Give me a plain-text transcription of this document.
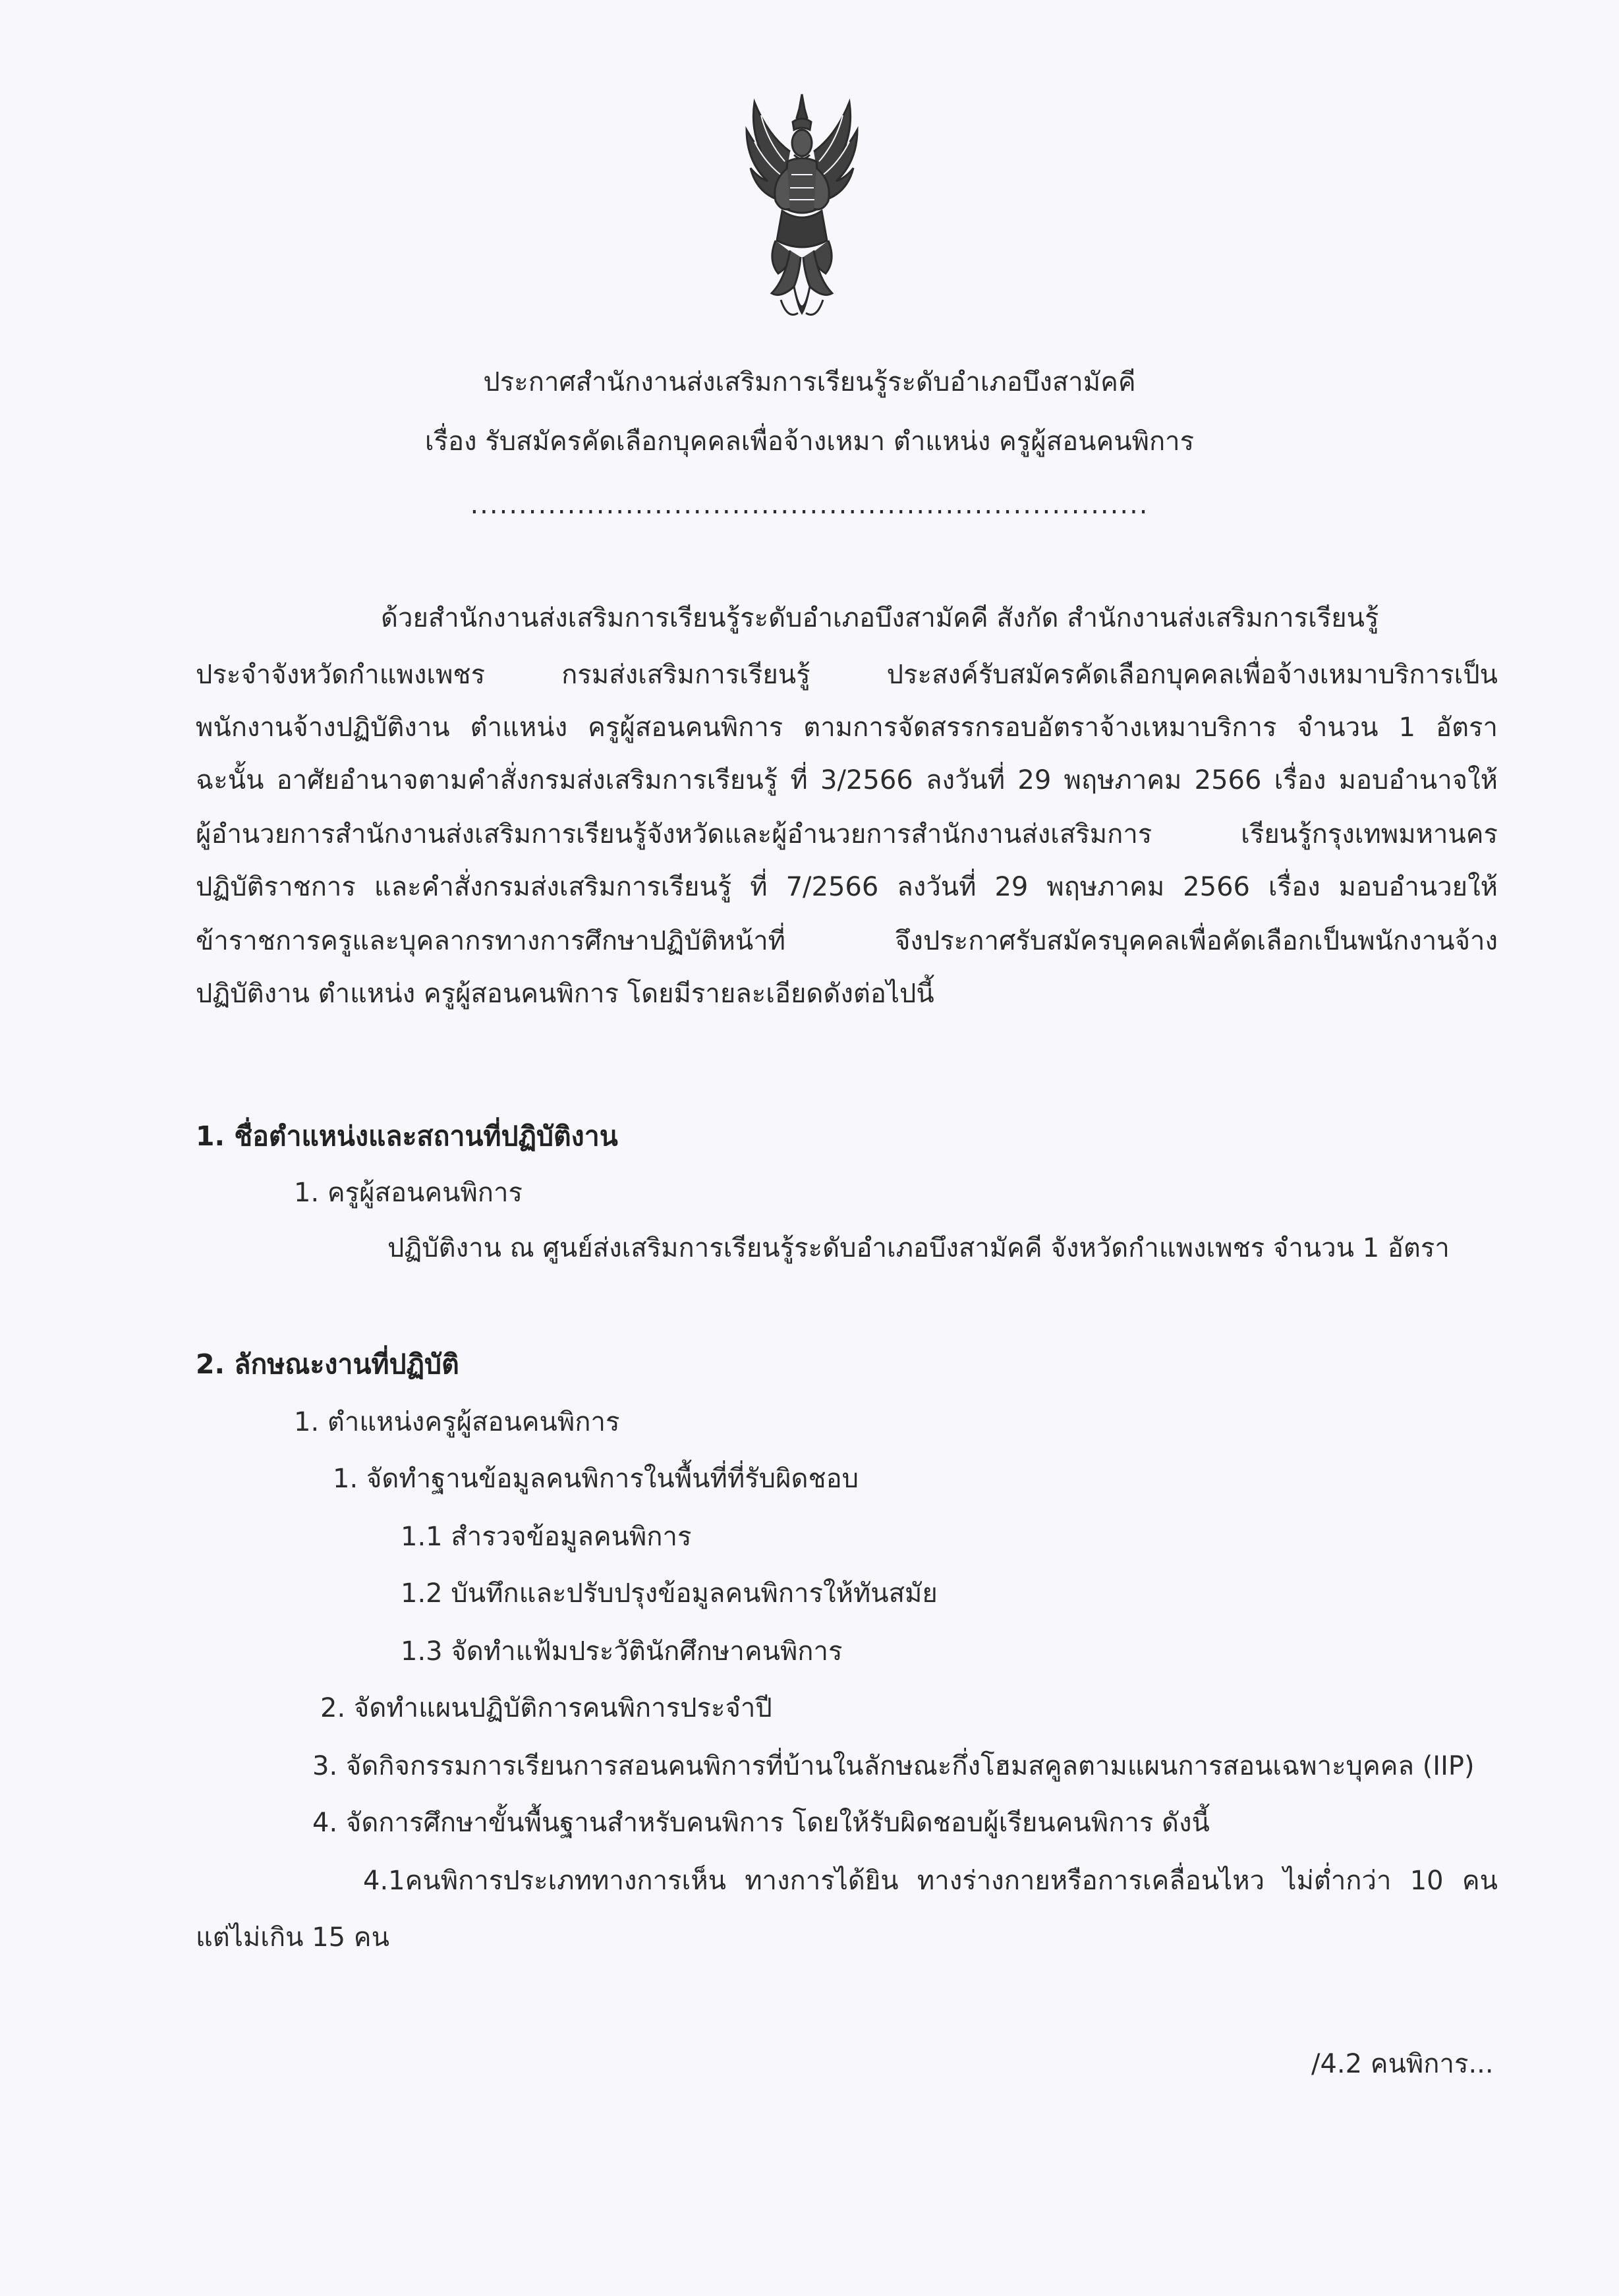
ประกาศสำนักงานส่งเสริมการเรียนรู้ระดับอำเภอบึงสามัคคี
เรื่อง รับสมัครคัดเลือกบุคคลเพื่อจ้างเหมา ตำแหน่ง ครูผู้สอนคนพิการ
......................................................................
ด้วยสำนักงานส่งเสริมการเรียนรู้ระดับอำเภอบึงสามัคคี สังกัด สำนักงานส่งเสริมการเรียนรู้
ประจำจังหวัดกำแพงเพชร กรมส่งเสริมการเรียนรู้ ประสงค์รับสมัครคัดเลือกบุคคลเพื่อจ้างเหมาบริการเป็น
พนักงานจ้างปฏิบัติงาน ตำแหน่ง ครูผู้สอนคนพิการ ตามการจัดสรรกรอบอัตราจ้างเหมาบริการ จำนวน 1 อัตรา
ฉะนั้น อาศัยอำนาจตามคำสั่งกรมส่งเสริมการเรียนรู้ ที่ 3/2566 ลงวันที่ 29 พฤษภาคม 2566 เรื่อง มอบอำนาจให้
ผู้อำนวยการสำนักงานส่งเสริมการเรียนรู้จังหวัดและผู้อำนวยการสำนักงานส่งเสริมการ เรียนรู้กรุงเทพมหานคร
ปฏิบัติราชการ และคำสั่งกรมส่งเสริมการเรียนรู้ ที่ 7/2566 ลงวันที่ 29 พฤษภาคม 2566 เรื่อง มอบอำนวยให้
ข้าราชการครูและบุคลากรทางการศึกษาปฏิบัติหน้าที่ จึงประกาศรับสมัครบุคคลเพื่อคัดเลือกเป็นพนักงานจ้าง
ปฏิบัติงาน ตำแหน่ง ครูผู้สอนคนพิการ โดยมีรายละเอียดดังต่อไปนี้
1. ชื่อตำแหน่งและสถานที่ปฏิบัติงาน
1. ครูผู้สอนคนพิการ
ปฏิบัติงาน ณ ศูนย์ส่งเสริมการเรียนรู้ระดับอำเภอบึงสามัคคี จังหวัดกำแพงเพชร จำนวน 1 อัตรา
2. ลักษณะงานที่ปฏิบัติ
1. ตำแหน่งครูผู้สอนคนพิการ
1. จัดทำฐานข้อมูลคนพิการในพื้นที่ที่รับผิดชอบ
1.1 สำรวจข้อมูลคนพิการ
1.2 บันทึกและปรับปรุงข้อมูลคนพิการให้ทันสมัย
1.3 จัดทำแฟ้มประวัตินักศึกษาคนพิการ
2. จัดทำแผนปฏิบัติการคนพิการประจำปี
3. จัดกิจกรรมการเรียนการสอนคนพิการที่บ้านในลักษณะกึ่งโฮมสคูลตามแผนการสอนเฉพาะบุคคล (IIP)
4. จัดการศึกษาขั้นพื้นฐานสำหรับคนพิการ โดยให้รับผิดชอบผู้เรียนคนพิการ ดังนี้
4.1คนพิการประเภททางการเห็น ทางการได้ยิน ทางร่างกายหรือการเคลื่อนไหว ไม่ต่ำกว่า 10 คน
แต่ไม่เกิน 15 คน
/4.2 คนพิการ...
